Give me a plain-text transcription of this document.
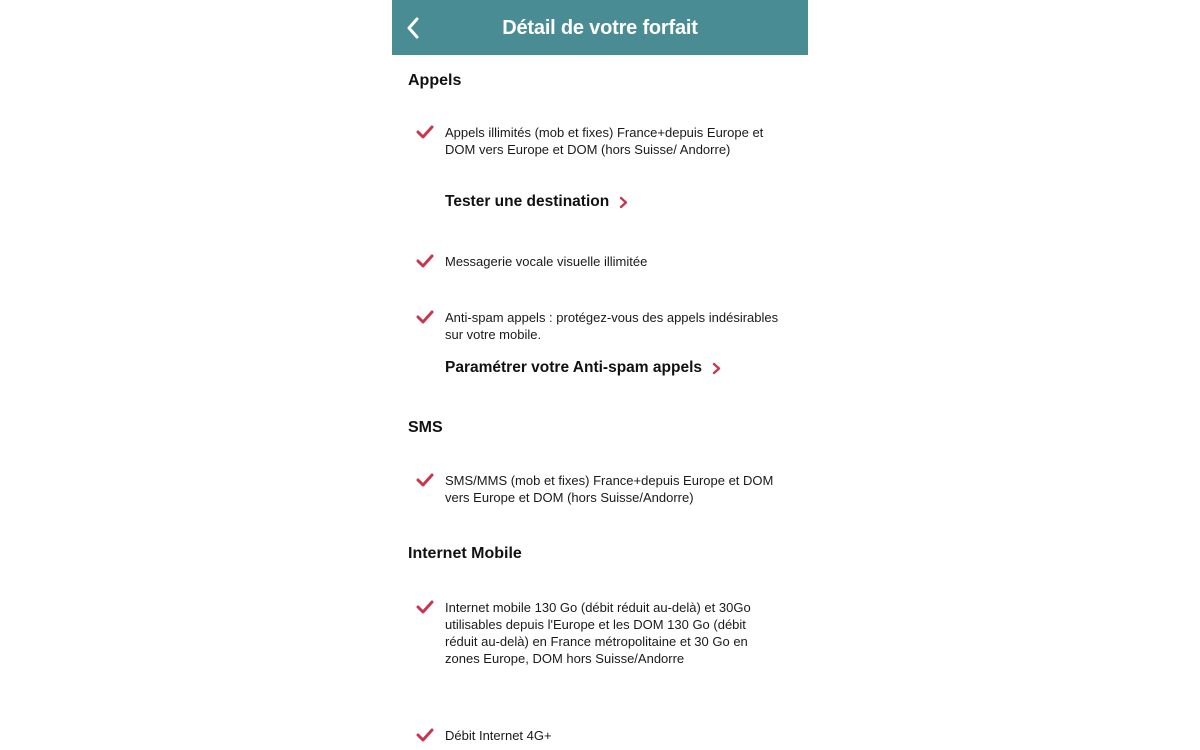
Détail de votre forfait
Appels
Appels illimités (mob et fixes) France+depuis Europe et DOM vers Europe et DOM (hors Suisse/ Andorre)
Tester une destination
Messagerie vocale visuelle illimitée
Anti-spam appels : protégez-vous des appels indésirables sur votre mobile.
Paramétrer votre Anti-spam appels
SMS
SMS/MMS (mob et fixes) France+depuis Europe et DOM vers Europe et DOM (hors Suisse/Andorre)
Internet Mobile
Internet mobile 130 Go (débit réduit au-delà) et 30Go utilisables depuis l'Europe et les DOM 130 Go (débit réduit au-delà) en France métropolitaine et 30 Go en zones Europe, DOM hors Suisse/Andorre
Débit Internet 4G+
